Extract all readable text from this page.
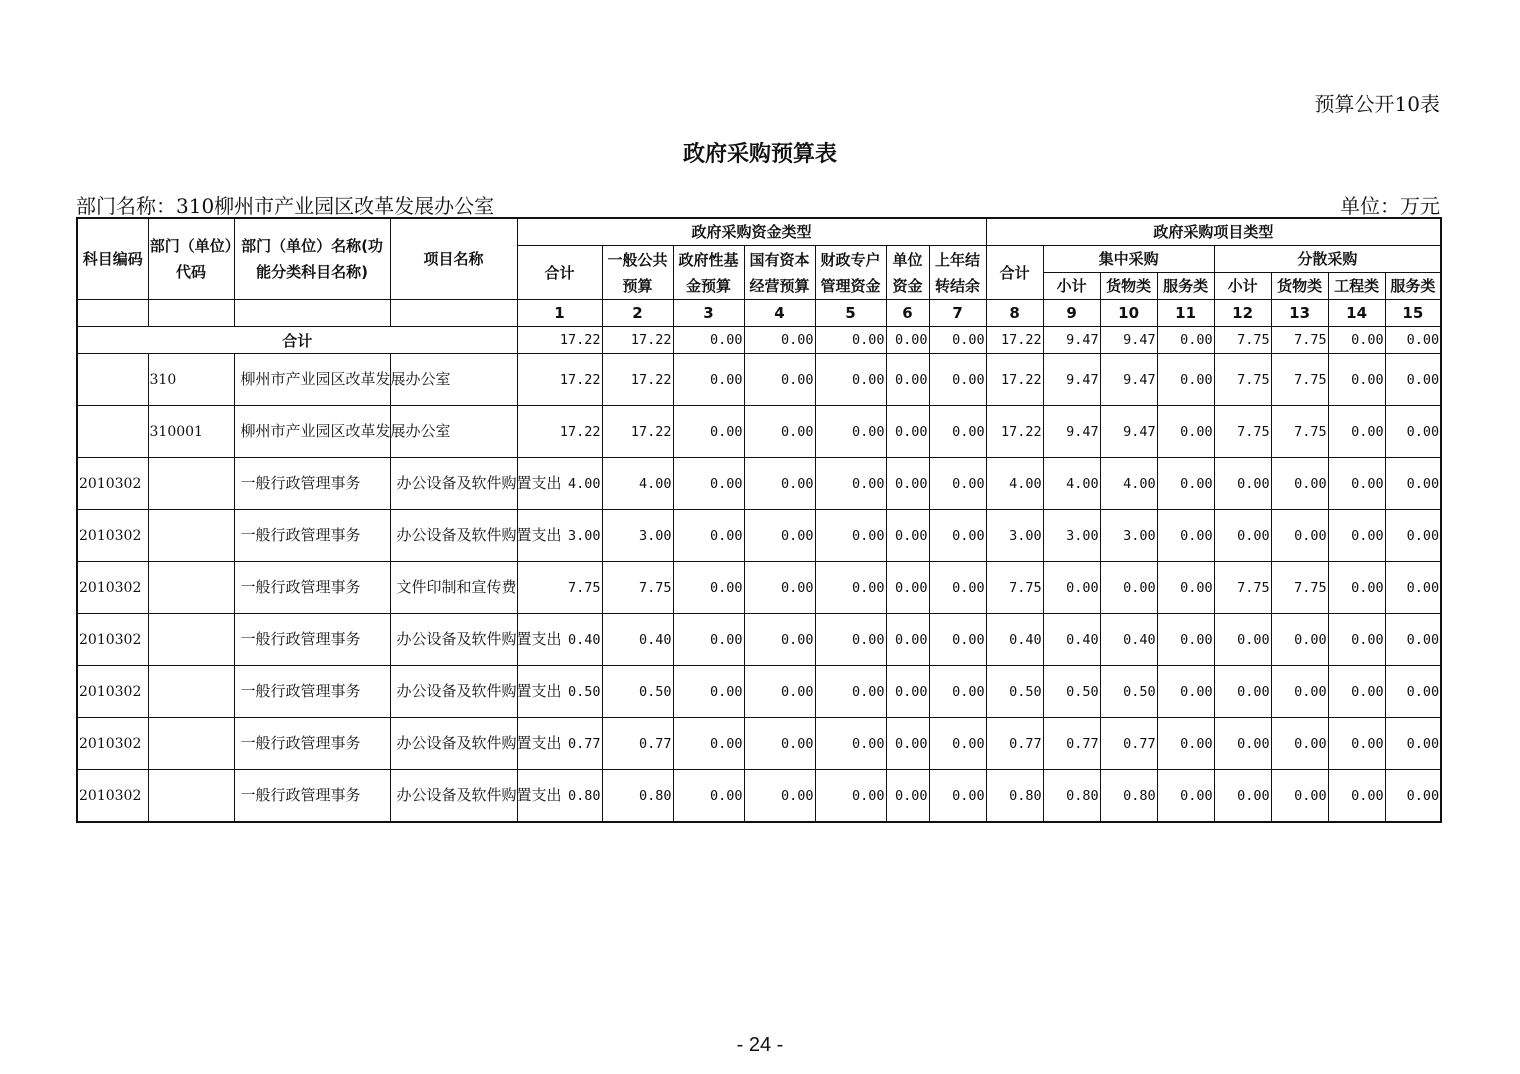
预算公开10表
政府采购预算表
部门名称：310柳州市产业园区改革发展办公室	单位：万元
科目编码	部门（单位）代码	部门（单位）名称(功能分类科目名称)	项目名称	政府采购资金类型							政府采购项目类型							
				合计	一般公共预算	政府性基金预算	国有资本经营预算	财政专户管理资金	单位资金	上年结转结余	合计	集中采购			分散采购			
												小计	货物类	服务类	小计	货物类	工程类	服务类
				1	2	3	4	5	6	7	8	9	10	11	12	13	14	15
合计				17.22	17.22	0.00	0.00	0.00	0.00	0.00	17.22	9.47	9.47	0.00	7.75	7.75	0.00	0.00
	310	柳州市产业园区改革发展办公室		17.22	17.22	0.00	0.00	0.00	0.00	0.00	17.22	9.47	9.47	0.00	7.75	7.75	0.00	0.00
	310001	柳州市产业园区改革发展办公室		17.22	17.22	0.00	0.00	0.00	0.00	0.00	17.22	9.47	9.47	0.00	7.75	7.75	0.00	0.00
2010302		一般行政管理事务	办公设备及软件购置支出	4.00	4.00	0.00	0.00	0.00	0.00	0.00	4.00	4.00	4.00	0.00	0.00	0.00	0.00	0.00
2010302		一般行政管理事务	办公设备及软件购置支出	3.00	3.00	0.00	0.00	0.00	0.00	0.00	3.00	3.00	3.00	0.00	0.00	0.00	0.00	0.00
2010302		一般行政管理事务	文件印制和宣传费	7.75	7.75	0.00	0.00	0.00	0.00	0.00	7.75	0.00	0.00	0.00	7.75	7.75	0.00	0.00
2010302		一般行政管理事务	办公设备及软件购置支出	0.40	0.40	0.00	0.00	0.00	0.00	0.00	0.40	0.40	0.40	0.00	0.00	0.00	0.00	0.00
2010302		一般行政管理事务	办公设备及软件购置支出	0.50	0.50	0.00	0.00	0.00	0.00	0.00	0.50	0.50	0.50	0.00	0.00	0.00	0.00	0.00
2010302		一般行政管理事务	办公设备及软件购置支出	0.77	0.77	0.00	0.00	0.00	0.00	0.00	0.77	0.77	0.77	0.00	0.00	0.00	0.00	0.00
2010302		一般行政管理事务	办公设备及软件购置支出	0.80	0.80	0.00	0.00	0.00	0.00	0.00	0.80	0.80	0.80	0.00	0.00	0.00	0.00	0.00
- 24 -
